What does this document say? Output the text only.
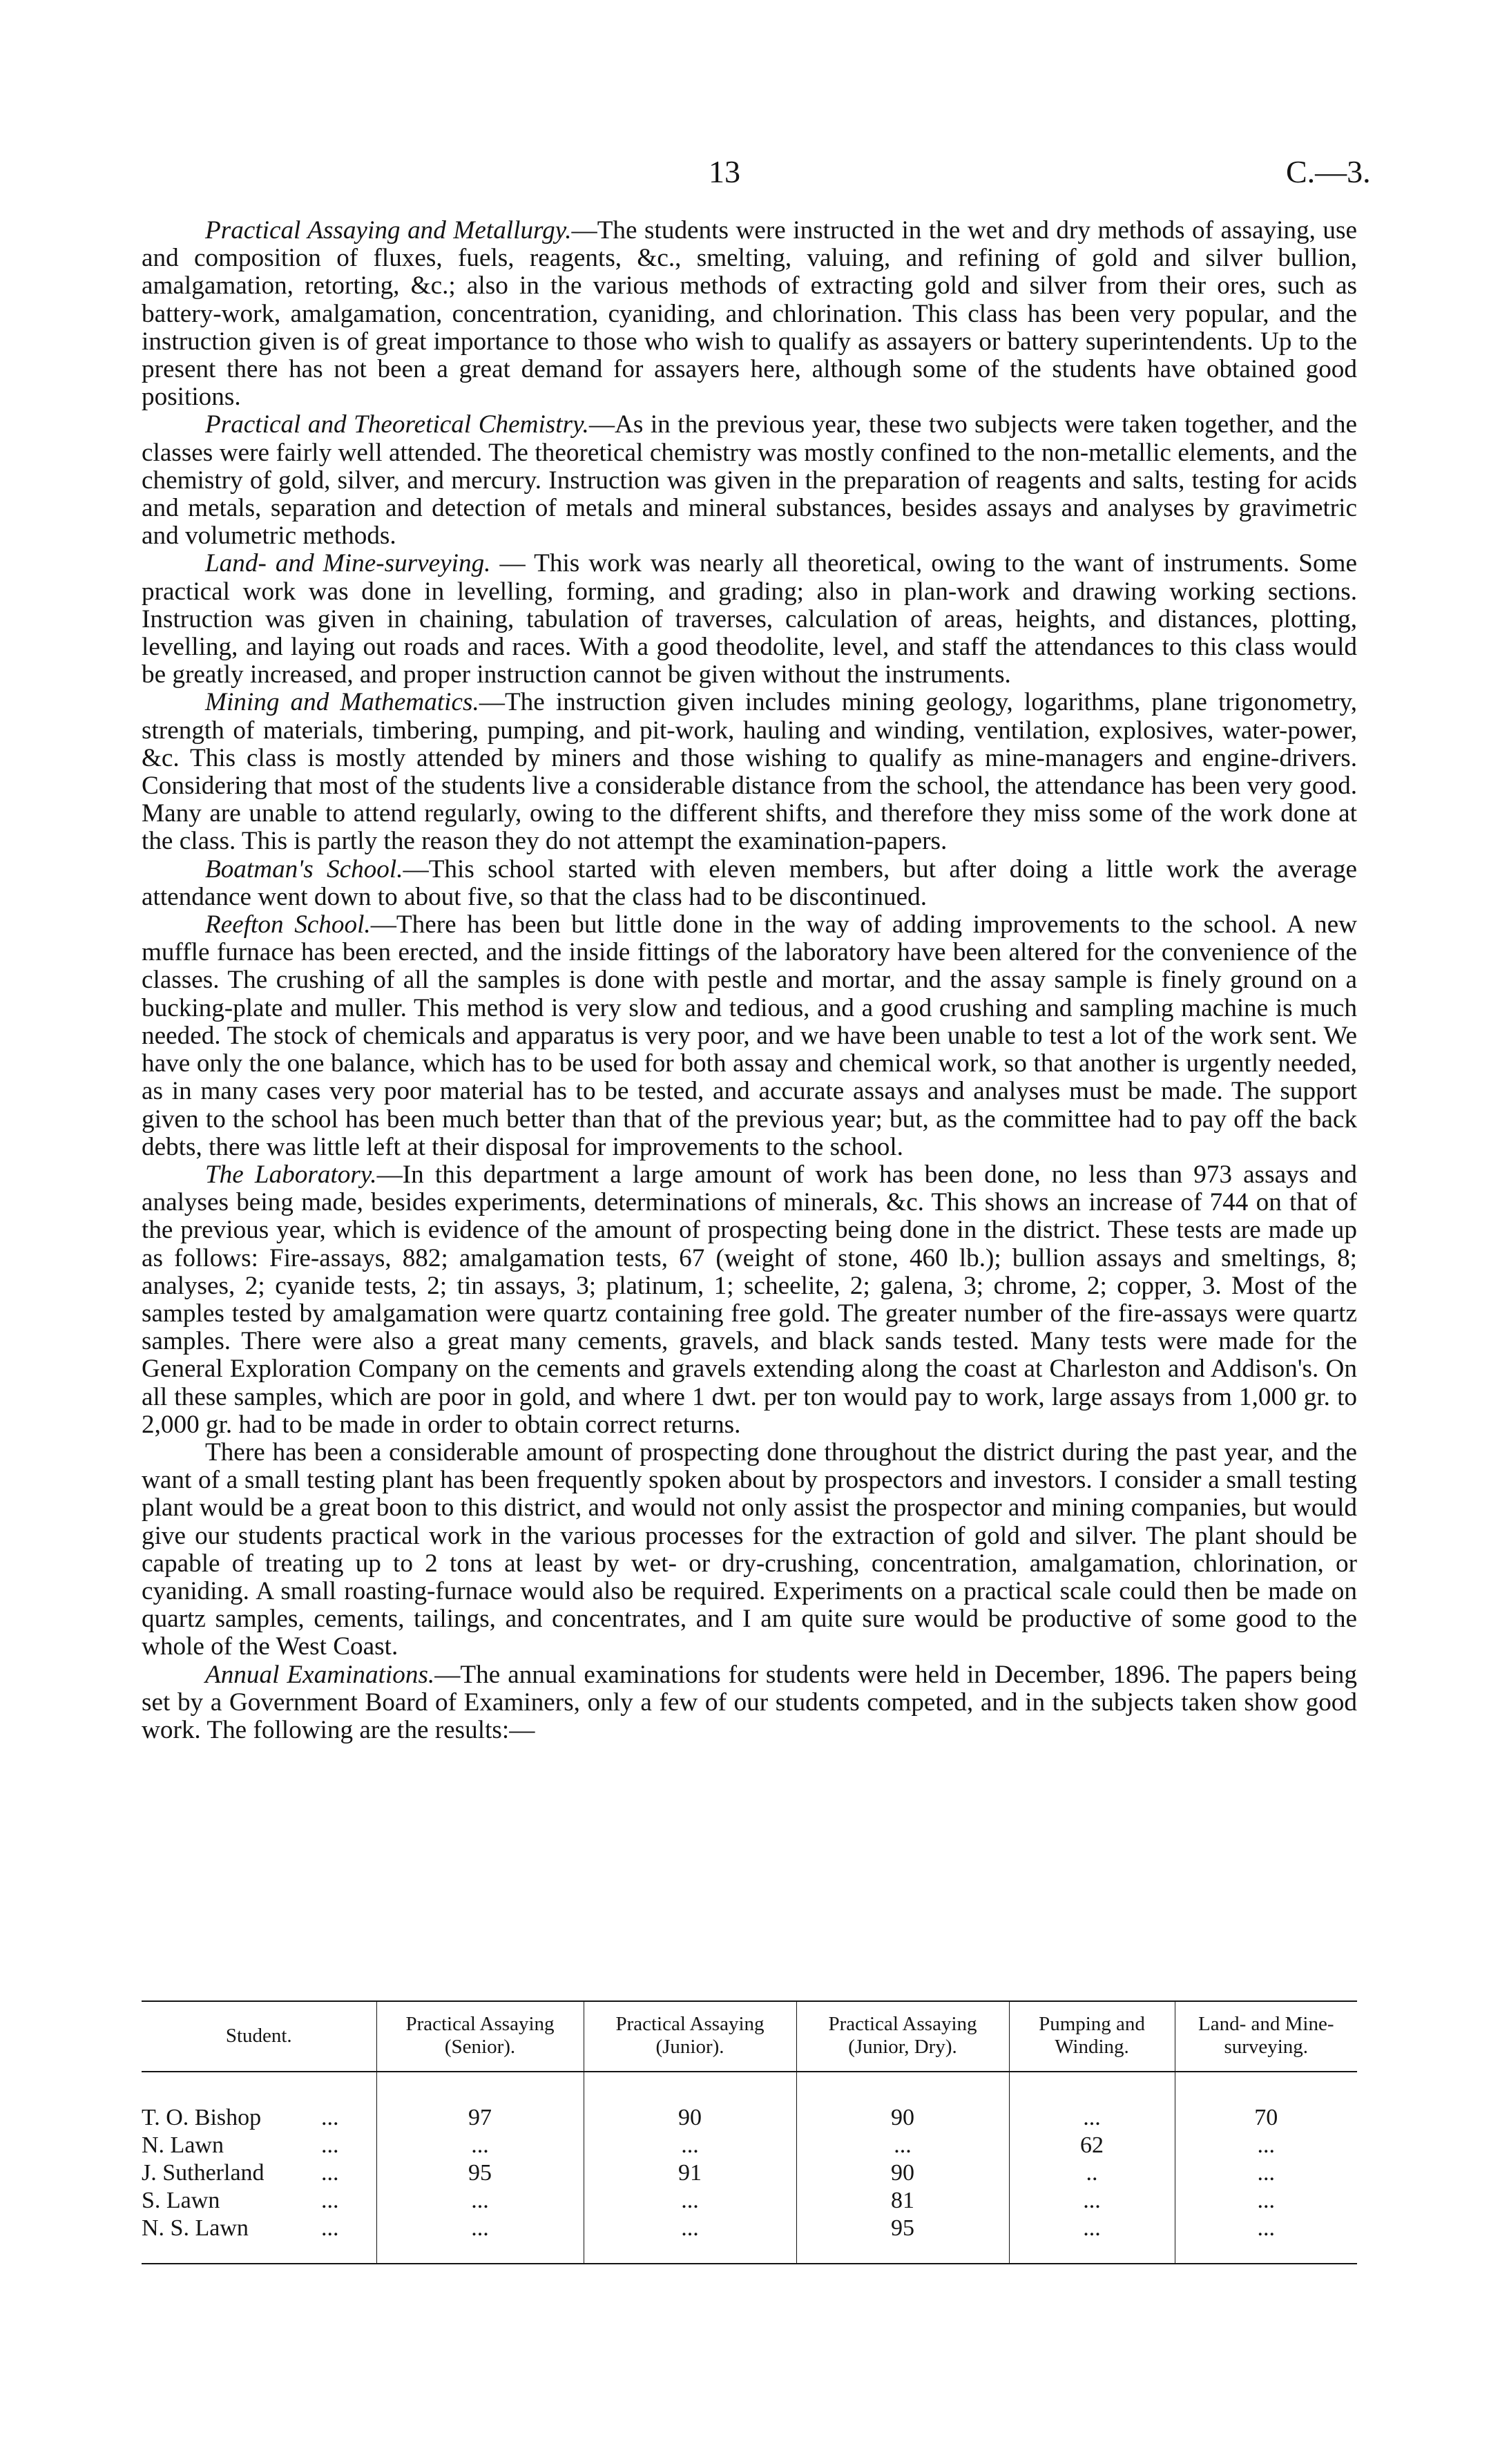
13	C.—3.

Practical Assaying and Metallurgy.—The students were instructed in the wet and dry methods of assaying, use and composition of fluxes, fuels, reagents, &c., smelting, valuing, and refining of gold and silver bullion, amalgamation, retorting, &c.; also in the various methods of extracting gold and silver from their ores, such as battery-work, amalgamation, concentration, cyaniding, and chlorination. This class has been very popular, and the instruction given is of great importance to those who wish to qualify as assayers or battery superintendents. Up to the present there has not been a great demand for assayers here, although some of the students have obtained good positions.

Practical and Theoretical Chemistry.—As in the previous year, these two subjects were taken together, and the classes were fairly well attended. The theoretical chemistry was mostly confined to the non-metallic elements, and the chemistry of gold, silver, and mercury. Instruction was given in the preparation of reagents and salts, testing for acids and metals, separation and detection of metals and mineral substances, besides assays and analyses by gravimetric and volumetric methods.

Land- and Mine-surveying. — This work was nearly all theoretical, owing to the want of instruments. Some practical work was done in levelling, forming, and grading; also in plan-work and drawing working sections. Instruction was given in chaining, tabulation of traverses, calculation of areas, heights, and distances, plotting, levelling, and laying out roads and races. With a good theodolite, level, and staff the attendances to this class would be greatly increased, and proper instruction cannot be given without the instruments.

Mining and Mathematics.—The instruction given includes mining geology, logarithms, plane trigonometry, strength of materials, timbering, pumping, and pit-work, hauling and winding, ventilation, explosives, water-power, &c. This class is mostly attended by miners and those wishing to qualify as mine-managers and engine-drivers. Considering that most of the students live a considerable distance from the school, the attendance has been very good. Many are unable to attend regularly, owing to the different shifts, and therefore they miss some of the work done at the class. This is partly the reason they do not attempt the examination-papers.

Boatman's School.—This school started with eleven members, but after doing a little work the average attendance went down to about five, so that the class had to be discontinued.

Reefton School.—There has been but little done in the way of adding improvements to the school. A new muffle furnace has been erected, and the inside fittings of the laboratory have been altered for the convenience of the classes. The crushing of all the samples is done with pestle and mortar, and the assay sample is finely ground on a bucking-plate and muller. This method is very slow and tedious, and a good crushing and sampling machine is much needed. The stock of chemicals and apparatus is very poor, and we have been unable to test a lot of the work sent. We have only the one balance, which has to be used for both assay and chemical work, so that another is urgently needed, as in many cases very poor material has to be tested, and accurate assays and analyses must be made. The support given to the school has been much better than that of the previous year; but, as the committee had to pay off the back debts, there was little left at their disposal for improvements to the school.

The Laboratory.—In this department a large amount of work has been done, no less than 973 assays and analyses being made, besides experiments, determinations of minerals, &c. This shows an increase of 744 on that of the previous year, which is evidence of the amount of prospecting being done in the district. These tests are made up as follows: Fire-assays, 882; amalgamation tests, 67 (weight of stone, 460 lb.); bullion assays and smeltings, 8; analyses, 2; cyanide tests, 2; tin assays, 3; platinum, 1; scheelite, 2; galena, 3; chrome, 2; copper, 3. Most of the samples tested by amalgamation were quartz containing free gold. The greater number of the fire-assays were quartz samples. There were also a great many cements, gravels, and black sands tested. Many tests were made for the General Exploration Company on the cements and gravels extending along the coast at Charleston and Addison's. On all these samples, which are poor in gold, and where 1 dwt. per ton would pay to work, large assays from 1,000 gr. to 2,000 gr. had to be made in order to obtain correct returns.

There has been a considerable amount of prospecting done throughout the district during the past year, and the want of a small testing plant has been frequently spoken about by prospectors and investors. I consider a small testing plant would be a great boon to this district, and would not only assist the prospector and mining companies, but would give our students practical work in the various processes for the extraction of gold and silver. The plant should be capable of treating up to 2 tons at least by wet- or dry-crushing, concentration, amalgamation, chlorination, or cyaniding. A small roasting-furnace would also be required. Experiments on a practical scale could then be made on quartz samples, cements, tailings, and concentrates, and I am quite sure would be productive of some good to the whole of the West Coast.

Annual Examinations.—The annual examinations for students were held in December, 1896. The papers being set by a Government Board of Examiners, only a few of our students competed, and in the subjects taken show good work. The following are the results:—

Student.	Practical Assaying (Senior).	Practical Assaying (Junior).	Practical Assaying (Junior, Dry).	Pumping and Winding.	Land- and Mine-surveying.

T. O. Bishop ...	97	90	90	...	70

N. Lawn ...	...	...	...	62	...

J. Sutherland ...	95	91	90	..	...

S. Lawn ...	...	...	81	...	...

N. S. Lawn ...	...	...	95	...	...
